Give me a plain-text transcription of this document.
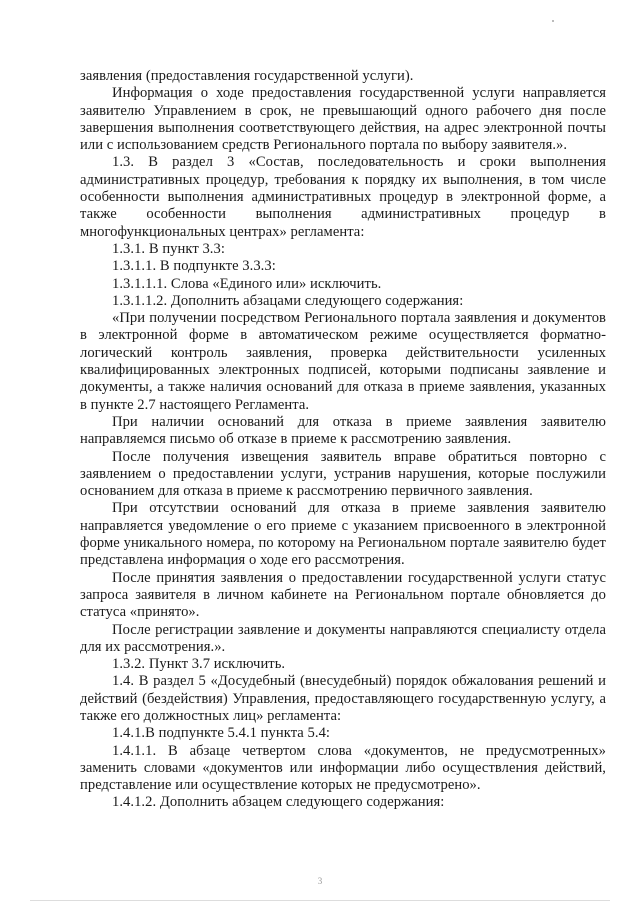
заявления (предоставления государственной услуги).

Информация о ходе предоставления государственной услуги направляется заявителю Управлением в срок, не превышающий одного рабочего дня после завершения выполнения соответствующего действия, на адрес электронной почты или с использованием средств Регионального портала по выбору заявителя.».

1.3. В раздел 3 «Состав, последовательность и сроки выполнения административных процедур, требования к порядку их выполнения, в том числе особенности выполнения административных процедур в электронной форме, а также особенности выполнения административных процедур в многофункциональных центрах» регламента:

1.3.1. В пункт 3.3:

1.3.1.1. В подпункте 3.3.3:

1.3.1.1.1. Слова «Единого или» исключить.

1.3.1.1.2. Дополнить абзацами следующего содержания:

«При получении посредством Регионального портала заявления и документов в электронной форме в автоматическом режиме осуществляется форматно-логический контроль заявления, проверка действительности усиленных квалифицированных электронных подписей, которыми подписаны заявление и документы, а также наличия оснований для отказа в приеме заявления, указанных в пункте 2.7 настоящего Регламента.

При наличии оснований для отказа в приеме заявления заявителю направляемся письмо об отказе в приеме к рассмотрению заявления.

После получения извещения заявитель вправе обратиться повторно с заявлением о предоставлении услуги, устранив нарушения, которые послужили основанием для отказа в приеме к рассмотрению первичного заявления.

При отсутствии оснований для отказа в приеме заявления заявителю направляется уведомление о его приеме с указанием присвоенного в электронной форме уникального номера, по которому на Региональном портале заявителю будет представлена информация о ходе его рассмотрения.

После принятия заявления о предоставлении государственной услуги статус запроса заявителя в личном кабинете на Региональном портале обновляется до статуса «принято».

После регистрации заявление и документы направляются специалисту отдела для их рассмотрения.».

1.3.2. Пункт 3.7 исключить.

1.4. В раздел 5 «Досудебный (внесудебный) порядок обжалования решений и действий (бездействия) Управления, предоставляющего государственную услугу, а также его должностных лиц» регламента:

1.4.1.В подпункте 5.4.1 пункта 5.4:

1.4.1.1. В абзаце четвертом слова «документов, не предусмотренных» заменить словами «документов или информации либо осуществления действий, представление или осуществление которых не предусмотрено».

1.4.1.2. Дополнить абзацем следующего содержания:

3
